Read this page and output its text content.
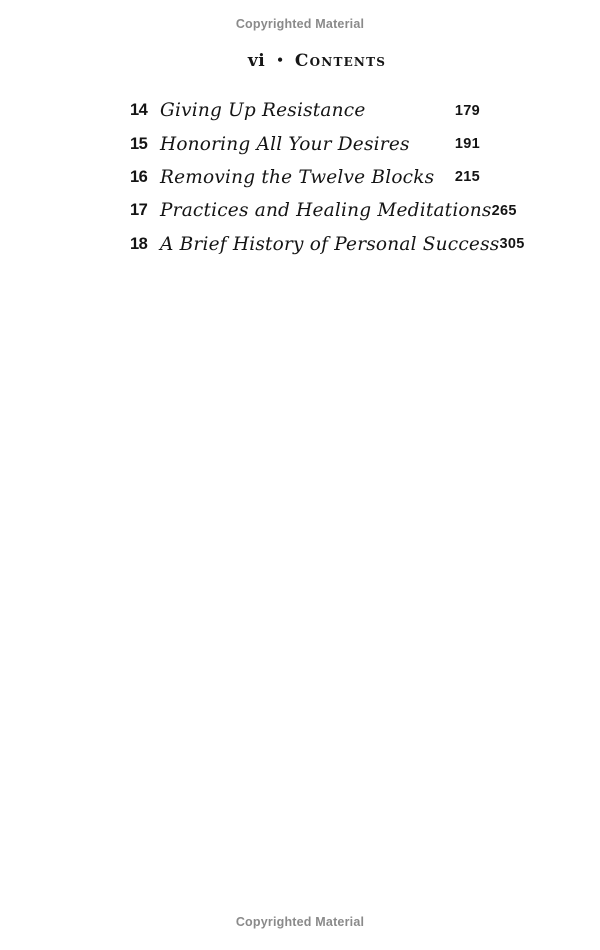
Copyrighted Material
vi • Contents
14 Giving Up Resistance	179
15 Honoring All Your Desires	191
16 Removing the Twelve Blocks	215
17 Practices and Healing Meditations 265
18 A Brief History of Personal Success 305
Copyrighted Material
